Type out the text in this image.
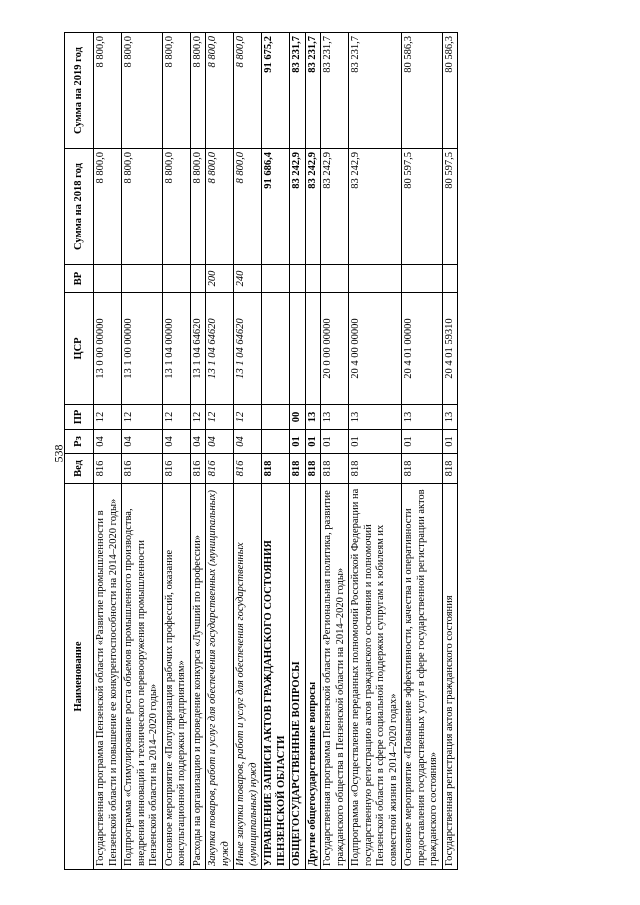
538
Наименование	Вед	Рз	ПР	ЦСР	ВР	Сумма на 2018 год	Сумма на 2019 год
Государственная программа Пензенской области «Развитие промышленности в Пензенской области и повышение ее конкурентоспособности на 2014–2020 годы»	816	04	12	13 0 00 00000		8 800,0	8 800,0
Подпрограмма «Стимулирование роста объемов промышленного производства, внедрения инноваций и технического перевооружения промышленности Пензенской области на 2014–2020 годы»	816	04	12	13 1 00 00000		8 800,0	8 800,0
Основное мероприятие «Популяризация рабочих профессий, оказание консультационной поддержки предприятиям»	816	04	12	13 1 04 00000		8 800,0	8 800,0
Расходы на организацию и проведение конкурса «Лучший по профессии»	816	04	12	13 1 04 64620		8 800,0	8 800,0
Закупка товаров, работ и услуг для обеспечения государственных (муниципальных) нужд	816	04	12	13 1 04 64620	200	8 800,0	8 800,0
Иные закупки товаров, работ и услуг для обеспечения государственных (муниципальных) нужд	816	04	12	13 1 04 64620	240	8 800,0	8 800,0
УПРАВЛЕНИЕ ЗАПИСИ АКТОВ ГРАЖДАНСКОГО СОСТОЯНИЯ ПЕНЗЕНСКОЙ ОБЛАСТИ	818					91 686,4	91 675,2
ОБЩЕГОСУДАРСТВЕННЫЕ ВОПРОСЫ	818	01	00			83 242,9	83 231,7
Другие общегосударственные вопросы	818	01	13			83 242,9	83 231,7
Государственная программа Пензенской области «Региональная политика, развитие гражданского общества в Пензенской области на 2014–2020 годы»	818	01	13	20 0 00 00000		83 242,9	83 231,7
Подпрограмма «Осуществление переданных полномочий Российской Федерации на государственную регистрацию актов гражданского состояния и полномочий Пензенской области в сфере социальной поддержки супругам к юбилеям их совместной жизни в 2014–2020 годах»	818	01	13	20 4 00 00000		83 242,9	83 231,7
Основное мероприятие «Повышение эффективности, качества и оперативности предоставления государственных услуг в сфере государственной регистрации актов гражданского состояния»	818	01	13	20 4 01 00000		80 597,5	80 586,3
Государственная регистрация актов гражданского состояния	818	01	13	20 4 01 59310		80 597,5	80 586,3
